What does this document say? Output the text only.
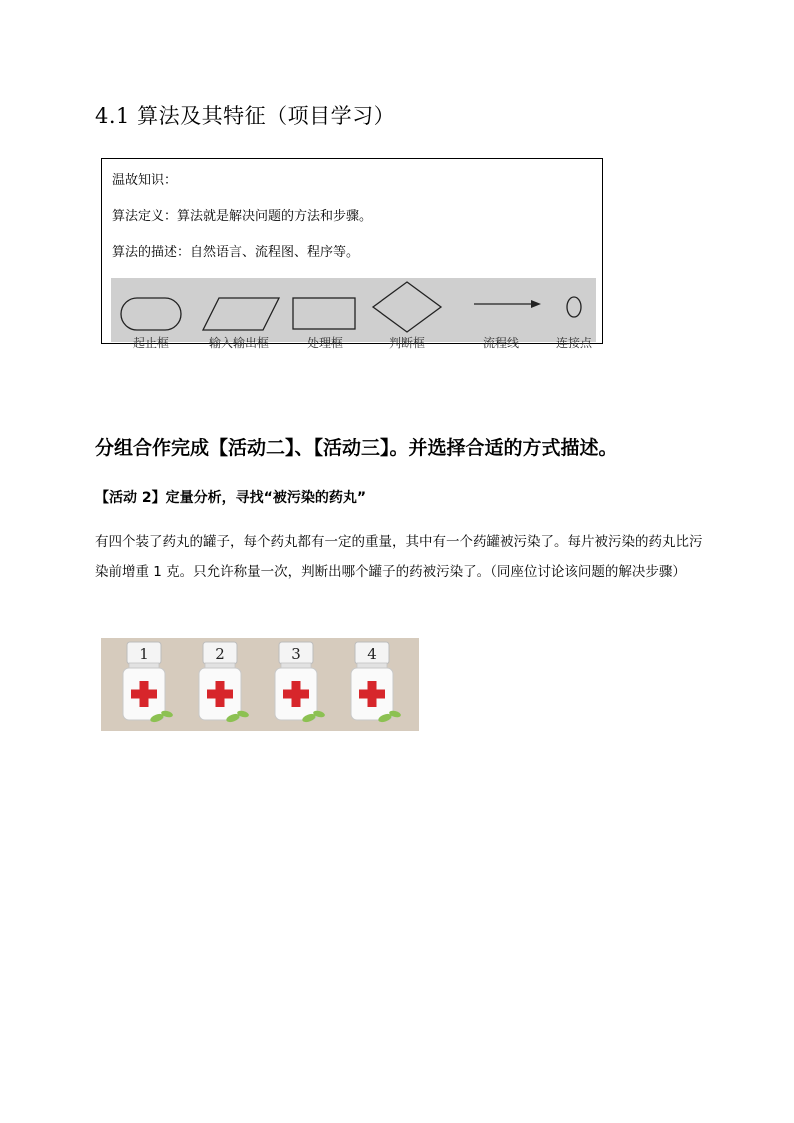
4.1 算法及其特征（项目学习）
温故知识：
算法定义：算法就是解决问题的方法和步骤。
算法的描述：自然语言、流程图、程序等。
起止框	输入输出框	处理框	判断框	流程线	连接点
分组合作完成【活动二】、【活动三】。并选择合适的方式描述。
【活动 2】定量分析，寻找“被污染的药丸”
有四个装了药丸的罐子，每个药丸都有一定的重量，其中有一个药罐被污染了。每片被污染的药丸比污染前增重 1 克。只允许称量一次，判断出哪个罐子的药被污染了。（同座位讨论该问题的解决步骤）
1	2	3	4
